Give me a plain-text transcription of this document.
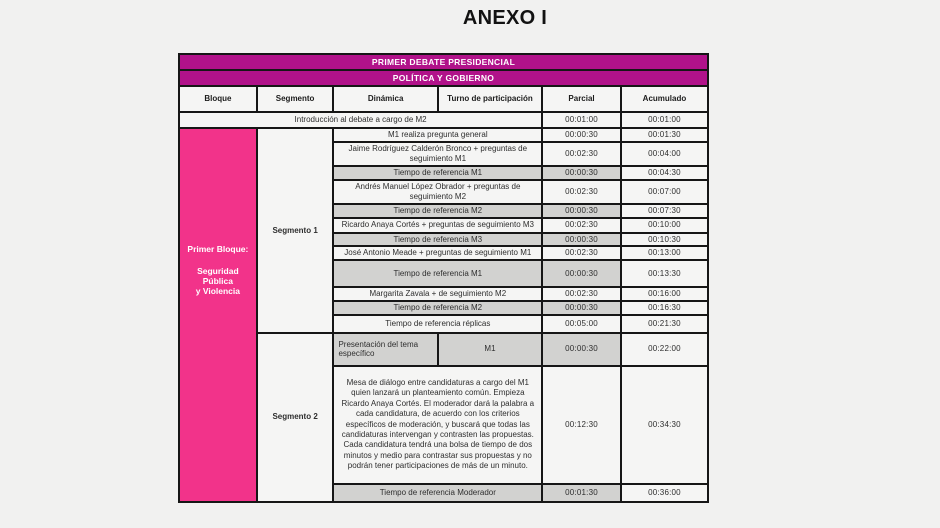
ANEXO I
PRIMER DEBATE PRESIDENCIAL					
POLÍTICA Y GOBIERNO					
Bloque	Segmento	Dinámica	Turno de participación	Parcial	Acumulado
Introducción al debate a cargo de M2				00:01:00	00:01:00

Primer Bloque:
Seguridad Pública
y Violencia	Segmento 1	M1 realiza pregunta general		00:00:30	00:01:30
		Jaime Rodríguez Calderón Bronco + preguntas de seguimiento M1		00:02:30	00:04:00
		Tiempo de referencia M1		00:00:30	00:04:30
		Andrés Manuel López Obrador + preguntas de seguimiento M2		00:02:30	00:07:00
		Tiempo de referencia M2		00:00:30	00:07:30
		Ricardo Anaya Cortés + preguntas de seguimiento M3		00:02:30	00:10:00
		Tiempo de referencia M3		00:00:30	00:10:30
		José Antonio Meade + preguntas de seguimiento M1		00:02:30	00:13:00
		Tiempo de referencia M1		00:00:30	00:13:30
		Margarita Zavala + de seguimiento M2		00:02:30	00:16:00
		Tiempo de referencia M2		00:00:30	00:16:30
		Tiempo de referencia réplicas		00:05:00	00:21:30
	Segmento 2	Presentación del tema específico	M1	00:00:30	00:22:00
		Mesa de diálogo entre candidaturas a cargo del M1 quien lanzará un planteamiento común. Empieza Ricardo Anaya Cortés. El moderador dará la palabra a cada candidatura, de acuerdo con los criterios específicos de moderación, y buscará que todas las candidaturas intervengan y contrasten las propuestas. Cada candidatura tendrá una bolsa de tiempo de dos minutos y medio para contrastar sus propuestas y no podrán tener participaciones de más de un minuto.		00:12:30	00:34:30
		Tiempo de referencia Moderador		00:01:30	00:36:00
